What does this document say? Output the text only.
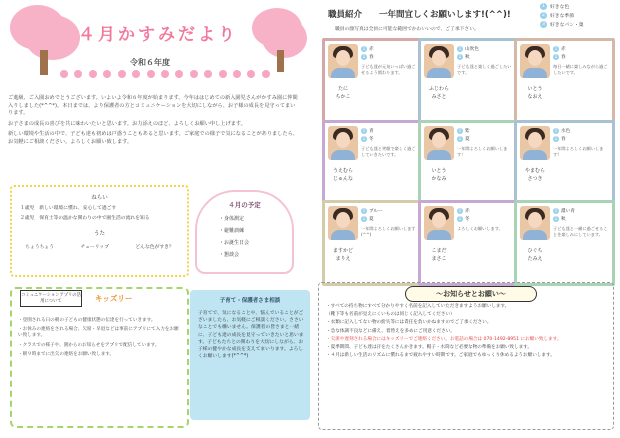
４月かすみだより
令和６年度

ご進級、ご入園おめでとうございます。いよいよ令和６年度が始まります。今年ははじめての新入園児さんがかすみ園に仲間入りしました(*^^*)。本日までは、より保護者の方とコミュニケーションを大切にしながら、お子様の成長を見守ってまいります。

お子さまの成長の喜びを共に味わいたいと思います。お力添えのほど、よろしくお願い申し上げます。

新しい環境や生活の中で、子ども達も初めは戸惑うこともあると思います。ご家庭での様子で気になることがありましたら、お気軽にご相談ください。よろしくお願い致します。

ねらい
１歳児　新しい環境に慣れ、安心して過ごす
２歳児　保育士等の温かな関わりの中で園生活の流れを知る
うた
ちょうちょう	チューリップ	どんな色がすき？
４月の予定
・身体測定
・避難訓練
・お誕生日会
・懇談会
コミュニケーションアプリの活用について	キッズリー

・登園される日の朝の子どもの健康状態の伝達を行っていきます。

・お休みの連絡をされる場合、欠席・早退などは事前にアプリにて入力をお願い致します。

・クラスでの様子や、園からのお知らせをアプリで配信しています。

・朝９時までに出欠の連絡をお願い致します。

子育て・保護者さま相談
子育てで、気になることや、悩んでいることがございましたら、お気軽にご相談ください。ささいなことでも構いません。保護者の皆さまと一緒に、子ども達の成長を見守っていきたいと思います。子どもたちとの関わりを大切にしながら、お子様の健やかな成長を支えてまいります。よろしくお願いします(*^^*)
職員紹介　　一年間宜しくお願いします!(^^)!
職員の顔写真は全員に可能な範囲でかわいいので、ご了承下さい。
1	好きな色
2	好きな季節
3	好きなパン・菓
たに
ちかこ
1 赤
2 春
子ども達が元気いっぱい過ごせるよう関わります。
ふじわら
みさと
1 山吹色
2 秋
子ども達と楽しく過ごしたいです。
いとう
なおえ
1 赤
2 春
毎日一緒に楽しみながら過ごしたいです。
うえむら
じゅんな
1 青
2 冬
子ども達と笑顔で楽しく過ごしていきたいです。
いとう
かなみ
1 紫
2 夏
一年間よろしくお願いします！
やまむら
さつき
1 水色
2 春
一年間よろしくお願いします!
ますかど
まりえ
1 ブルー
2 夏
一年間よろしくお願いします(^^)
こまだ
まさこ
1 赤
2 冬
よろしくお願いします。
ひぐち
たみえ
1 濃い青
2 秋
子ども達と一緒に過ごせることを楽しみにしています。
〜お知らせとお願い〜

・すべての持ち物にすべて分かりやすく名前を記入していただきますようお願いします。

（靴下等も名前が見えにくいものは同じく記入してください）

・衣類に記入してない物の紛失等には責任を負いかねますのでご了承ください。

・急な体調不良などに備え、着替えを多めにご用意ください。

・欠席や遅刻される場合にはキッズリーでご連絡ください。お電話の場合は 070-1492-8951 にお願い致します。

・夏季期間、子ども達は汗をたくさんかきます。帽子・水筒など必要な物の準備をお願い致します。

・４月は新しい生活のリズムに慣れるまで疲れやすい時期です。ご家庭でもゆっくり休めるようお願いします。
